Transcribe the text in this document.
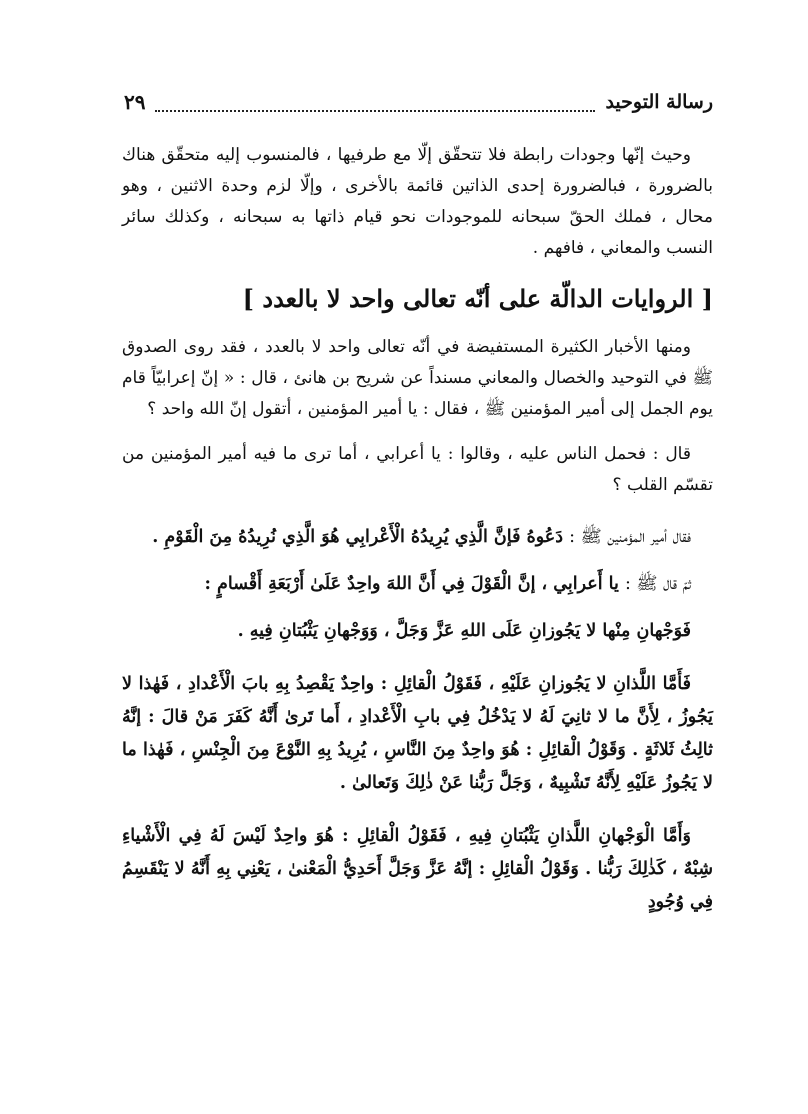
رسالة التوحيد
٢٩

وحيث إنّها وجودات رابطة فلا تتحقّق إلّا مع طرفيها ، فالمنسوب إليه متحقّق هناك بالضرورة ، فبالضرورة إحدى الذاتين قائمة بالأخرى ، وإلّا لزم وحدة الاثنين ، وهو محال ، فملك الحقّ سبحانه للموجودات نحو قيام ذاتها به سبحانه ، وكذلك سائر النسب والمعاني ، فافهم .

[ الروايات الدالّة على أنّه تعالى واحد لا بالعدد ]

ومنها الأخبار الكثيرة المستفيضة في أنّه تعالى واحد لا بالعدد ، فقد روى الصدوق ﷺ في التوحيد والخصال والمعاني مسنداً عن شريح بن هانئ ، قال : « إنّ إعرابيّاً قام يوم الجمل إلى أمير المؤمنين ﷺ ، فقال : يا أمير المؤمنين ، أتقول إنّ الله واحد ؟

قال : فحمل الناس عليه ، وقالوا : يا أعرابي ، أما ترى ما فيه أمير المؤمنين من تقسّم القلب ؟

فقال أمير المؤمنين ﷺ : دَعُوهُ فَإنَّ الَّذِي يُرِيدُهُ الْأَعْرابِي هُوَ الَّذِي نُرِيدُهُ مِنَ الْقَوْمِ .

ثمّ قال ﷺ : يا أَعرابِي ، إنَّ الْقَوْلَ فِي أَنَّ اللهَ واحِدٌ عَلَىٰ أَرْبَعَةِ أَقْسامٍ :

فَوَجْهانِ مِنْها لا يَجُوزانِ عَلَى اللهِ عَزَّ وَجَلَّ ، وَوَجْهانِ يَثْبُتانِ فِيهِ .

فَأَمَّا اللَّذانِ لا يَجُوزانِ عَلَيْهِ ، فَقَوْلُ الْقائِلِ : واحِدٌ يَقْصِدُ بِهِ بابَ الْأَعْدادِ ، فَهٰذا لا يَجُوزُ ، لِأَنَّ ما لا ثانِيَ لَهُ لا يَدْخُلُ فِي بابِ الْأَعْدادِ ، أَما تَرىٰ أَنَّهُ كَفَرَ مَنْ قالَ : إنَّهُ ثالِثُ ثَلاثَةٍ . وَقَوْلُ الْقائِلِ : هُوَ واحِدٌ مِنَ النَّاسِ ، يُرِيدُ بِهِ النَّوْعَ مِنَ الْجِنْسِ ، فَهٰذا ما لا يَجُوزُ عَلَيْهِ لِأَنَّهُ تَشْبِيهٌ ، وَجَلَّ رَبُّنا عَنْ ذٰلِكَ وَتَعالىٰ .

وَأَمَّا الْوَجْهانِ اللَّذانِ يَثْبُتانِ فِيهِ ، فَقَوْلُ الْقائِلِ : هُوَ واحِدٌ لَيْسَ لَهُ فِي الْأَشْياءِ شِبْهٌ ، كَذٰلِكَ رَبُّنا . وَقَوْلُ الْقائِلِ : إنَّهُ عَزَّ وَجَلَّ أَحَدِيُّ الْمَعْنىٰ ، يَعْنِي بِهِ أَنَّهُ لا يَنْقَسِمُ فِي وُجُودٍ
